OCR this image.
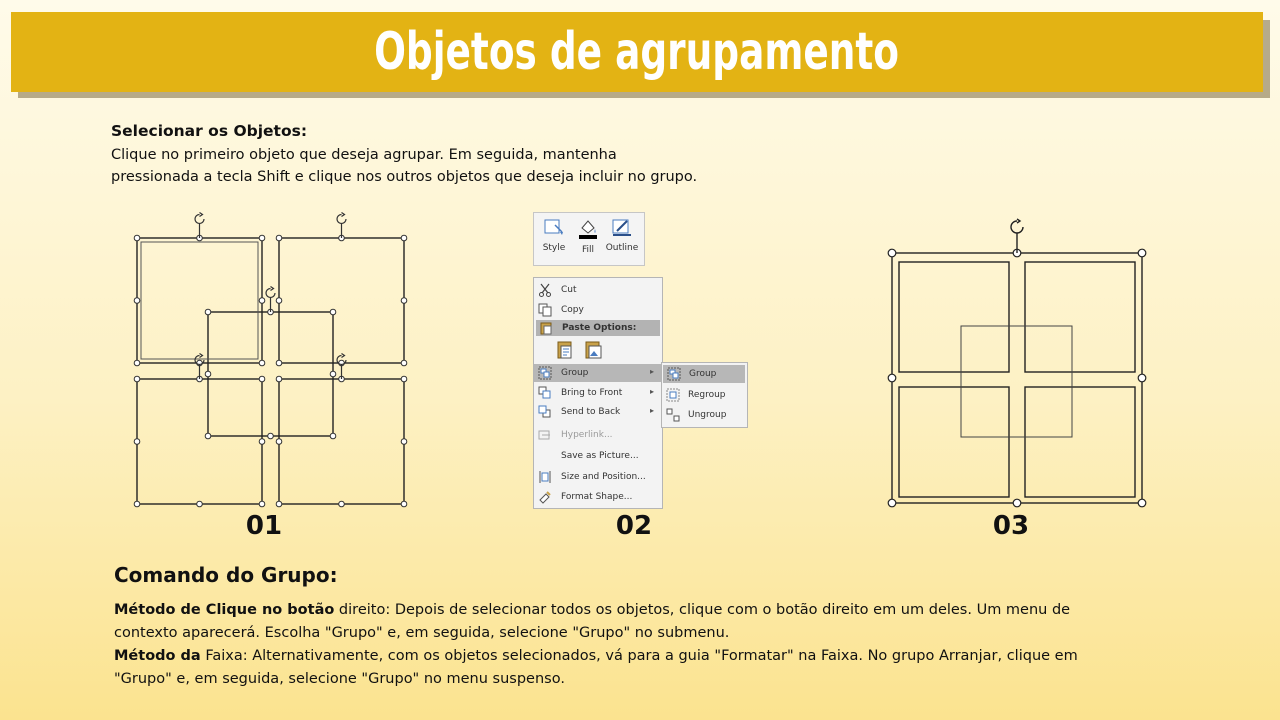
Objetos de agrupamento
Selecionar os Objetos:
Clique no primeiro objeto que deseja agrupar. Em seguida, mantenha
pressionada a tecla Shift e clique nos outros objetos que deseja incluir no grupo.
01
Style	Fill	Outline
Cut
Copy
Paste Options:
Group	▸
Bring to Front	▸
Send to Back	▸
Hyperlink...
Save as Picture...
Size and Position...
Format Shape...
Group
Regroup
Ungroup
02	03
Comando do Grupo:

Método de Clique no botão direito: Depois de selecionar todos os objetos, clique com o botão direito em um deles. Um menu de contexto aparecerá. Escolha "Grupo" e, em seguida, selecione "Grupo" no submenu.

Método da Faixa: Alternativamente, com os objetos selecionados, vá para a guia "Formatar" na Faixa. No grupo Arranjar, clique em "Grupo" e, em seguida, selecione "Grupo" no menu suspenso.
